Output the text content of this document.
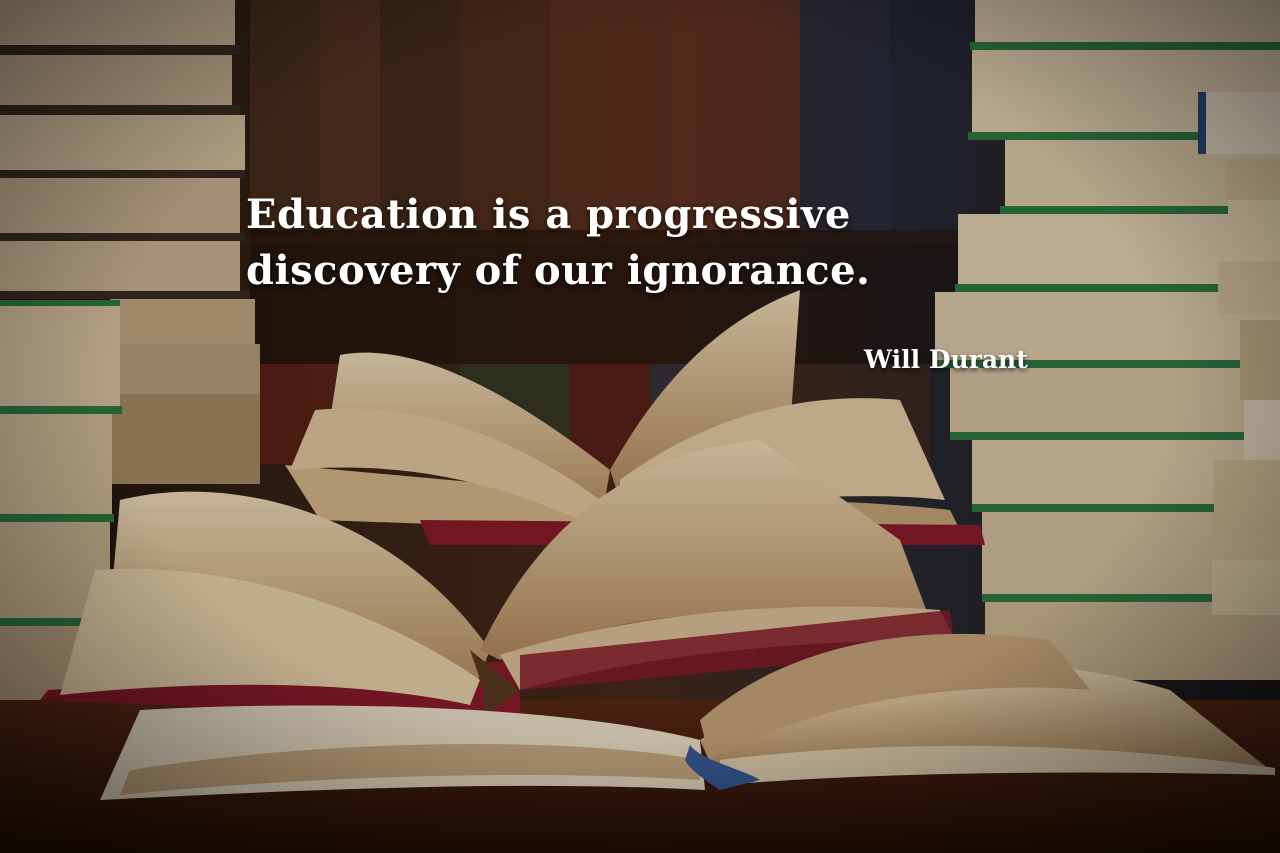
Education is a progressive
discovery of our ignorance.
Will Durant
